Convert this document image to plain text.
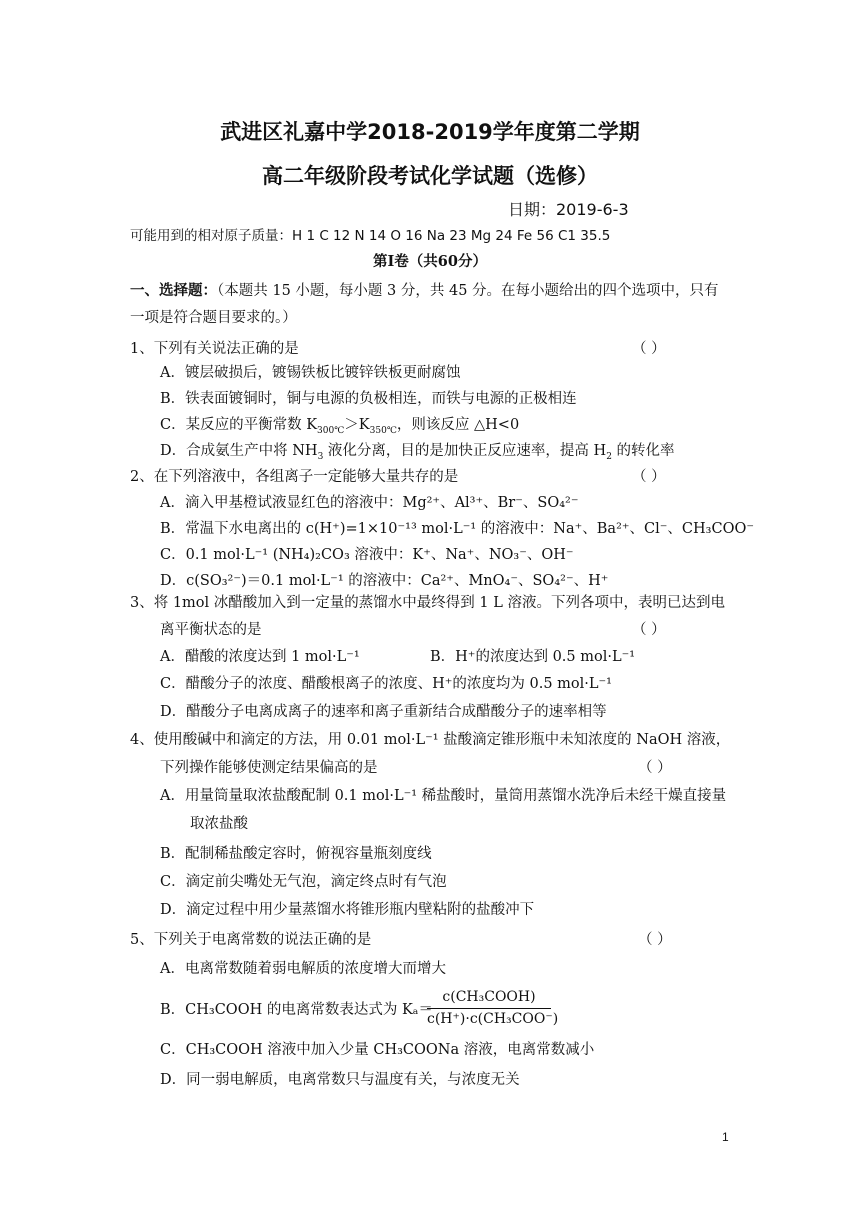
武进区礼嘉中学2018-2019学年度第二学期
高二年级阶段考试化学试题（选修）
日期：2019-6-3
可能用到的相对原子质量：H 1 C 12 N 14 O 16 Na 23 Mg 24 Fe 56 C1 35.5
第Ⅰ卷（共60分）
一、选择题：（本题共 15 小题，每小题 3 分，共 45 分。在每小题给出的四个选项中，只有
一项是符合题目要求的。）
1、下列有关说法正确的是	（ ）
A．镀层破损后，镀锡铁板比镀锌铁板更耐腐蚀
B．铁表面镀铜时，铜与电源的负极相连，而铁与电源的正极相连
C．某反应的平衡常数 $K_{300℃}>K_{350℃}$，则该反应 △H<0
D．合成氨生产中将 $NH_3$ 液化分离，目的是加快正反应速率，提高 $H_2$ 的转化率
2、在下列溶液中，各组离子一定能够大量共存的是	（ ）
A．滴入甲基橙试液显红色的溶液中：Mg²⁺、Al³⁺、Br⁻、SO₄²⁻
B．常温下水电离出的 c(H⁺)=1×10⁻¹³ mol·L⁻¹ 的溶液中：Na⁺、Ba²⁺、Cl⁻、CH₃COO⁻
C．0.1 mol·L⁻¹ (NH₄)₂CO₃ 溶液中：K⁺、Na⁺、NO₃⁻、OH⁻
D．c(SO₃²⁻)＝0.1 mol·L⁻¹ 的溶液中：Ca²⁺、MnO₄⁻、SO₄²⁻、H⁺
3、将 1mol 冰醋酸加入到一定量的蒸馏水中最终得到 1 L 溶液。下列各项中，表明已达到电
离平衡状态的是	（ ）
A．醋酸的浓度达到 1 mol·L⁻¹	B．H⁺的浓度达到 0.5 mol·L⁻¹
C．醋酸分子的浓度、醋酸根离子的浓度、H⁺的浓度均为 0.5 mol·L⁻¹
D．醋酸分子电离成离子的速率和离子重新结合成醋酸分子的速率相等
4、使用酸碱中和滴定的方法，用 0.01 mol·L⁻¹ 盐酸滴定锥形瓶中未知浓度的 NaOH 溶液，
下列操作能够使测定结果偏高的是	（ ）
A．用量筒量取浓盐酸配制 0.1 mol·L⁻¹ 稀盐酸时，量筒用蒸馏水洗净后未经干燥直接量
取浓盐酸
B．配制稀盐酸定容时，俯视容量瓶刻度线
C．滴定前尖嘴处无气泡，滴定终点时有气泡
D．滴定过程中用少量蒸馏水将锥形瓶内壁粘附的盐酸冲下
5、下列关于电离常数的说法正确的是	（ ）
A．电离常数随着弱电解质的浓度增大而增大
B．CH₃COOH 的电离常数表达式为 Kₐ＝
c(CH₃COOH)
c(H⁺)·c(CH₃COO⁻)
C．CH₃COOH 溶液中加入少量 CH₃COONa 溶液，电离常数减小
D．同一弱电解质，电离常数只与温度有关，与浓度无关
1
